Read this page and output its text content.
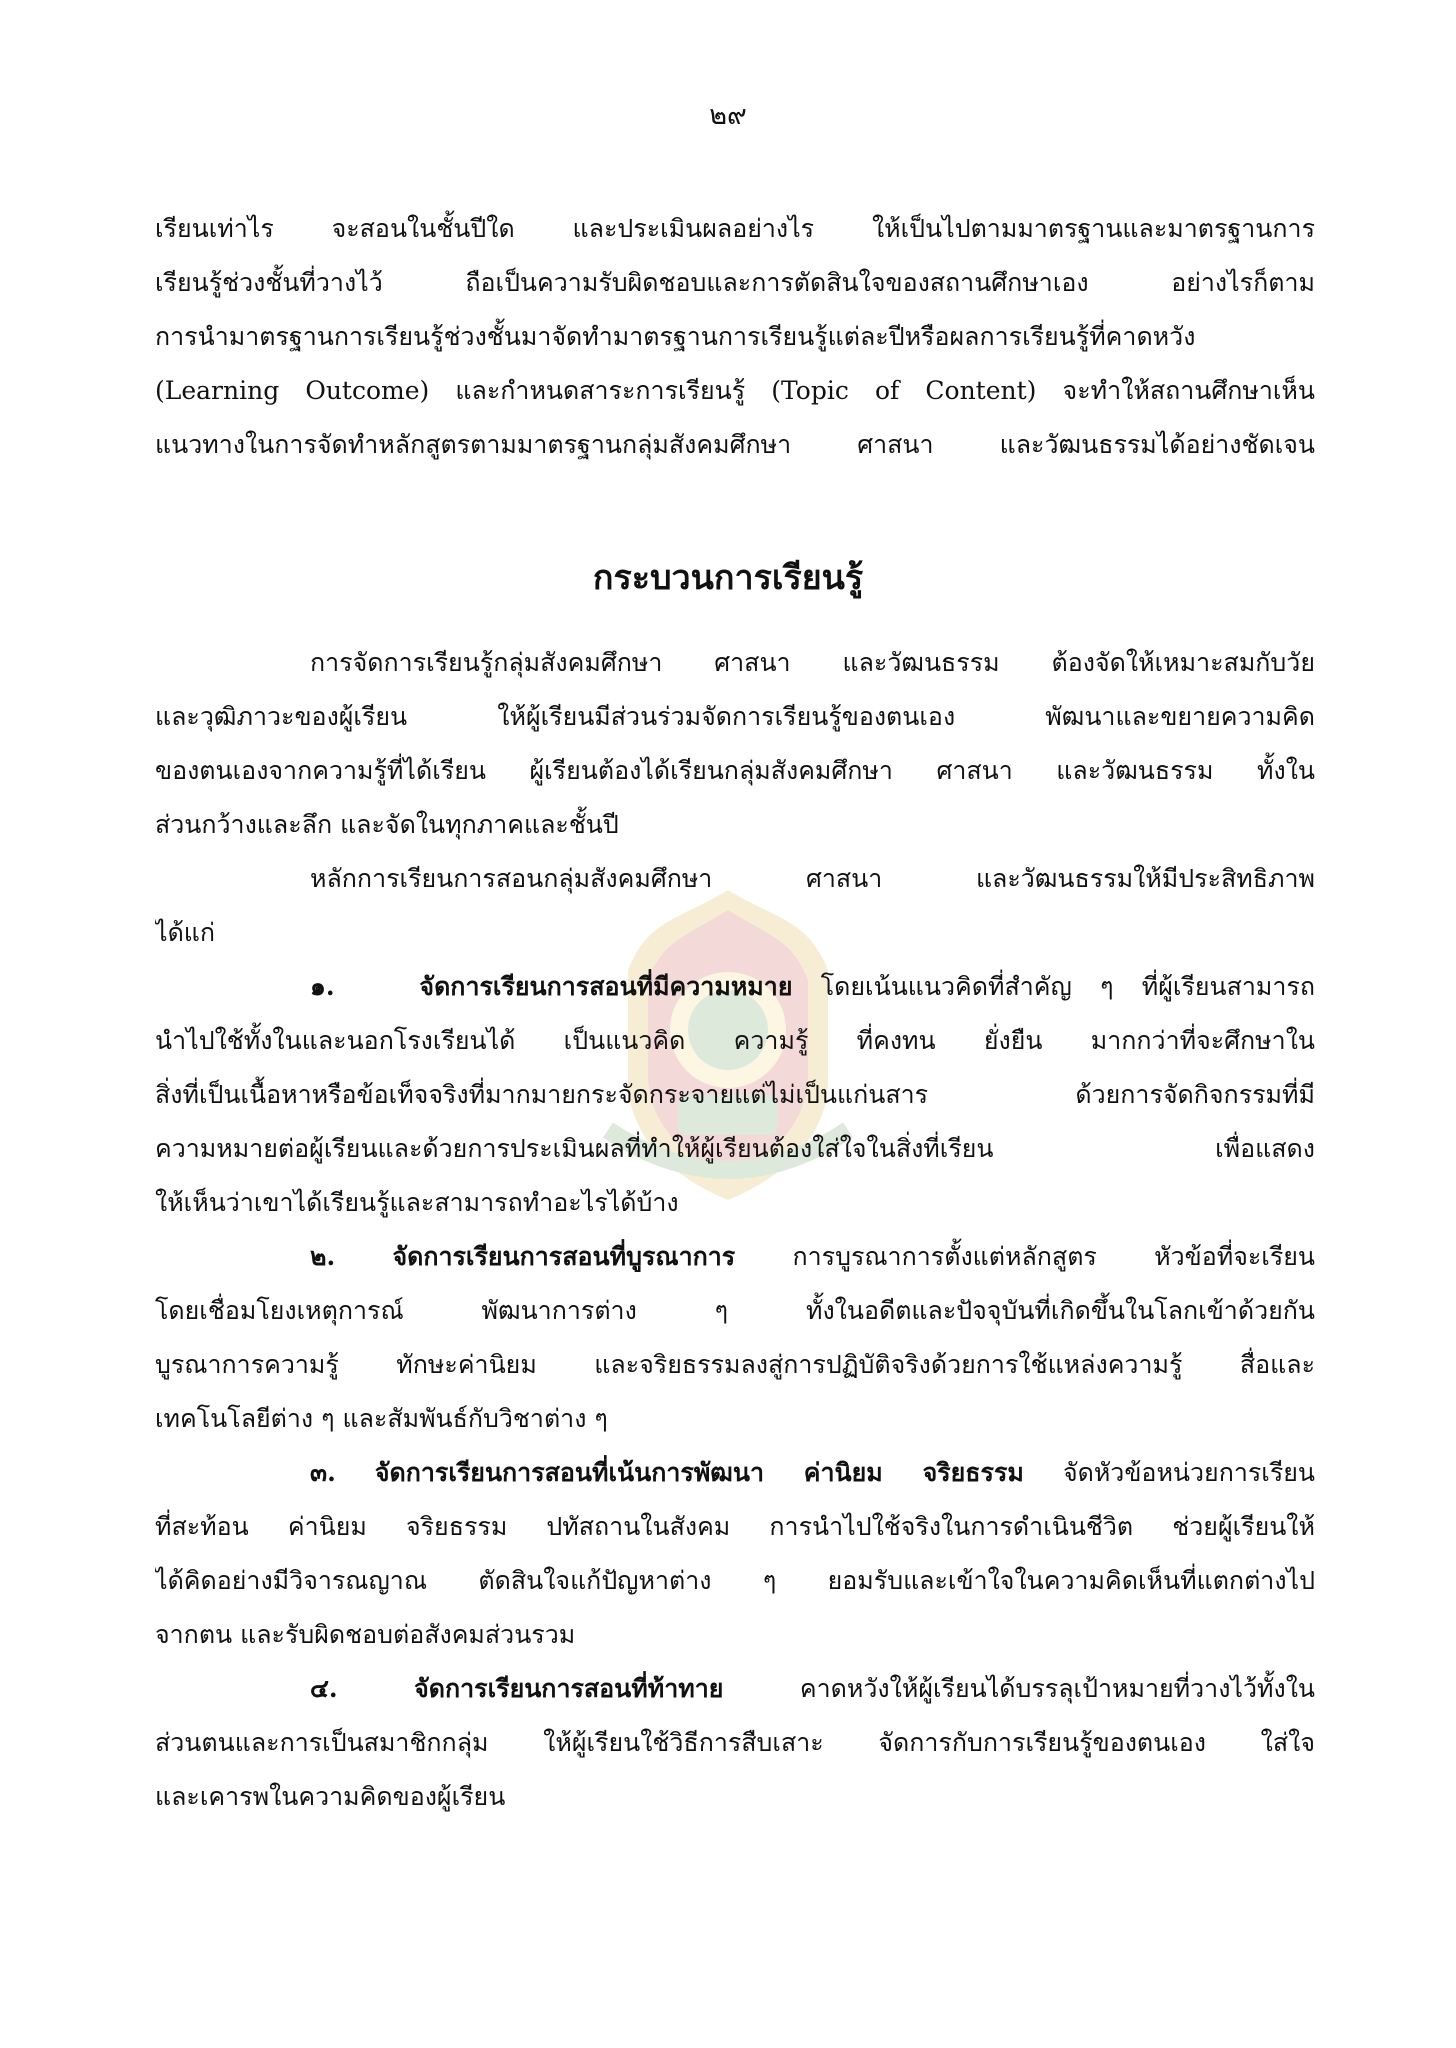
๒๙
เรียนเท่าไร จะสอนในชั้นปีใด และประเมินผลอย่างไร ให้เป็นไปตามมาตรฐานและมาตรฐานการ
เรียนรู้ช่วงชั้นที่วางไว้ ถือเป็นความรับผิดชอบและการตัดสินใจของสถานศึกษาเอง อย่างไรก็ตาม
การนำมาตรฐานการเรียนรู้ช่วงชั้นมาจัดทำมาตรฐานการเรียนรู้แต่ละปีหรือผลการเรียนรู้ที่คาดหวัง
(Learning Outcome) และกำหนดสาระการเรียนรู้ (Topic of Content) จะทำให้สถานศึกษาเห็น
แนวทางในการจัดทำหลักสูตรตามมาตรฐานกลุ่มสังคมศึกษา ศาสนา และวัฒนธรรมได้อย่างชัดเจน
กระบวนการเรียนรู้
การจัดการเรียนรู้กลุ่มสังคมศึกษา ศาสนา และวัฒนธรรม ต้องจัดให้เหมาะสมกับวัย
และวุฒิภาวะของผู้เรียน ให้ผู้เรียนมีส่วนร่วมจัดการเรียนรู้ของตนเอง พัฒนาและขยายความคิด
ของตนเองจากความรู้ที่ได้เรียน ผู้เรียนต้องได้เรียนกลุ่มสังคมศึกษา ศาสนา และวัฒนธรรม ทั้งใน
ส่วนกว้างและลึก และจัดในทุกภาคและชั้นปี
หลักการเรียนการสอนกลุ่มสังคมศึกษา ศาสนา และวัฒนธรรมให้มีประสิทธิภาพ
ได้แก่
๑.	จัดการเรียนการสอนที่มีความหมาย โดยเน้นแนวคิดที่สำคัญ ๆ ที่ผู้เรียนสามารถ
นำไปใช้ทั้งในและนอกโรงเรียนได้ เป็นแนวคิด ความรู้ ที่คงทน ยั่งยืน มากกว่าที่จะศึกษาใน
สิ่งที่เป็นเนื้อหาหรือข้อเท็จจริงที่มากมายกระจัดกระจายแต่ไม่เป็นแก่นสาร ด้วยการจัดกิจกรรมที่มี
ความหมายต่อผู้เรียนและด้วยการประเมินผลที่ทำให้ผู้เรียนต้องใส่ใจในสิ่งที่เรียน เพื่อแสดง
ให้เห็นว่าเขาได้เรียนรู้และสามารถทำอะไรได้บ้าง
๒. จัดการเรียนการสอนที่บูรณาการ การบูรณาการตั้งแต่หลักสูตร หัวข้อที่จะเรียน
โดยเชื่อมโยงเหตุการณ์ พัฒนาการต่าง ๆ ทั้งในอดีตและปัจจุบันที่เกิดขึ้นในโลกเข้าด้วยกัน
บูรณาการความรู้ ทักษะค่านิยม และจริยธรรมลงสู่การปฏิบัติจริงด้วยการใช้แหล่งความรู้ สื่อและ
เทคโนโลยีต่าง ๆ และสัมพันธ์กับวิชาต่าง ๆ
๓. จัดการเรียนการสอนที่เน้นการพัฒนา ค่านิยม จริยธรรม จัดหัวข้อหน่วยการเรียน
ที่สะท้อน ค่านิยม จริยธรรม ปทัสถานในสังคม การนำไปใช้จริงในการดำเนินชีวิต ช่วยผู้เรียนให้
ได้คิดอย่างมีวิจารณญาณ ตัดสินใจแก้ปัญหาต่าง ๆ ยอมรับและเข้าใจในความคิดเห็นที่แตกต่างไป
จากตน และรับผิดชอบต่อสังคมส่วนรวม
๔.	จัดการเรียนการสอนที่ท้าทาย	คาดหวังให้ผู้เรียนได้บรรลุเป้าหมายที่วางไว้ทั้งใน
ส่วนตนและการเป็นสมาชิกกลุ่ม ให้ผู้เรียนใช้วิธีการสืบเสาะ จัดการกับการเรียนรู้ของตนเอง ใส่ใจ
และเคารพในความคิดของผู้เรียน
